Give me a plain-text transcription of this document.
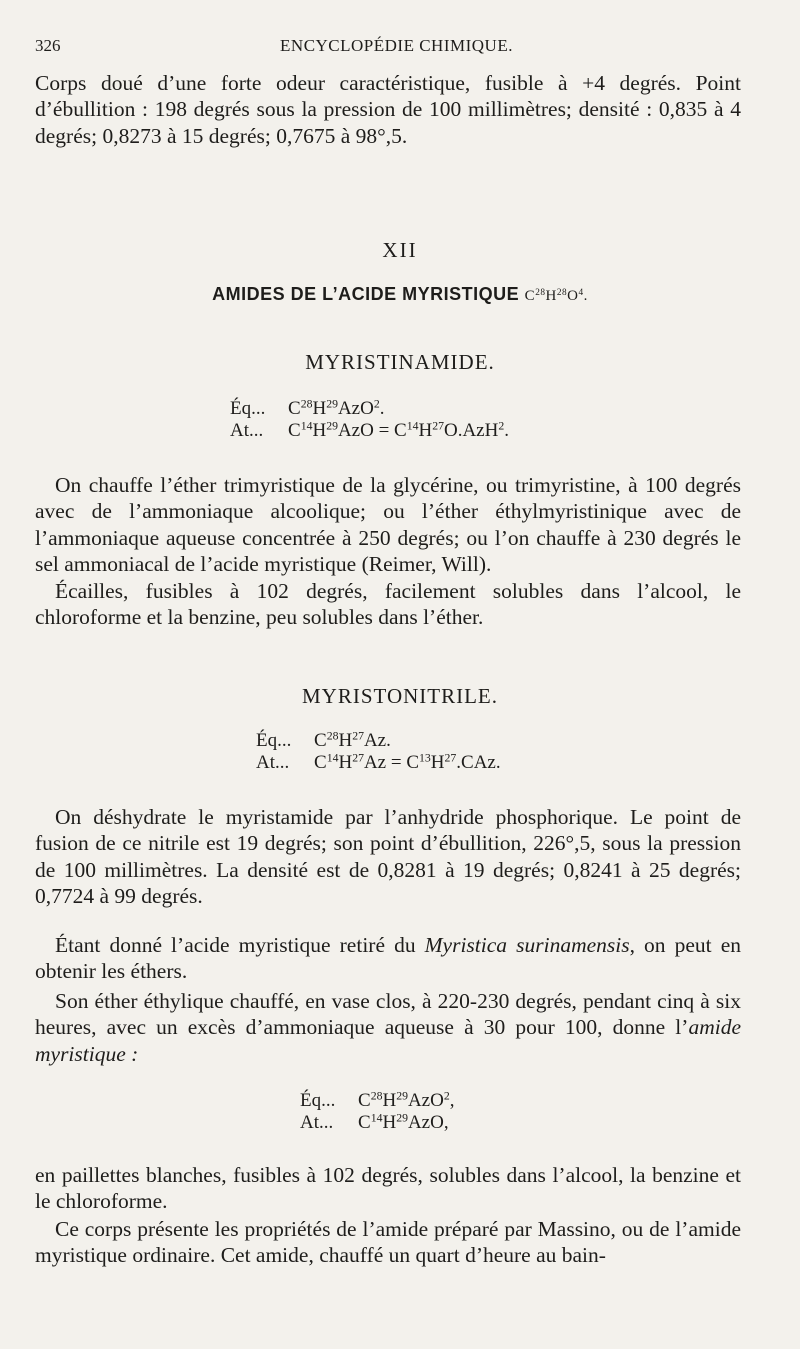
326	ENCYCLOPÉDIE CHIMIQUE.

Corps doué d’une forte odeur caractéristique, fusible à +4 degrés. Point d’ébullition : 198 degrés sous la pression de 100 millimètres; densité : 0,835 à 4 degrés; 0,8273 à 15 degrés; 0,7675 à 98°,5.

XII
AMIDES DE L’ACIDE MYRISTIQUE $C^{28}H^{28}O^4$.
MYRISTINAMIDE.
Éq... $C^{28}H^{29}AzO^2$.
At... $C^{14}H^{29}AzO = C^{14}H^{27}O.AzH^2$.

On chauffe l’éther trimyristique de la glycérine, ou trimyristine, à 100 degrés avec de l’ammoniaque alcoolique; ou l’éther éthylmyristinique avec de l’ammoniaque aqueuse concentrée à 250 degrés; ou l’on chauffe à 230 degrés le sel ammoniacal de l’acide myristique (Reimer, Will).

Écailles, fusibles à 102 degrés, facilement solubles dans l’alcool, le chloroforme et la benzine, peu solubles dans l’éther.

MYRISTONITRILE.
Éq... $C^{28}H^{27}Az$.
At... $C^{14}H^{27}Az = C^{13}H^{27}.CAz$.

On déshydrate le myristamide par l’anhydride phosphorique. Le point de fusion de ce nitrile est 19 degrés; son point d’ébullition, 226°,5, sous la pression de 100 millimètres. La densité est de 0,8281 à 19 degrés; 0,8241 à 25 degrés; 0,7724 à 99 degrés.

Étant donné l’acide myristique retiré du Myristica surinamensis, on peut en obtenir les éthers.

Son éther éthylique chauffé, en vase clos, à 220-230 degrés, pendant cinq à six heures, avec un excès d’ammoniaque aqueuse à 30 pour 100, donne l’amide myristique :

Éq... $C^{28}H^{29}AzO^2$,
At... $C^{14}H^{29}AzO$,

en paillettes blanches, fusibles à 102 degrés, solubles dans l’alcool, la benzine et le chloroforme.

Ce corps présente les propriétés de l’amide préparé par Massino, ou de l’amide myristique ordinaire. Cet amide, chauffé un quart d’heure au bain-
